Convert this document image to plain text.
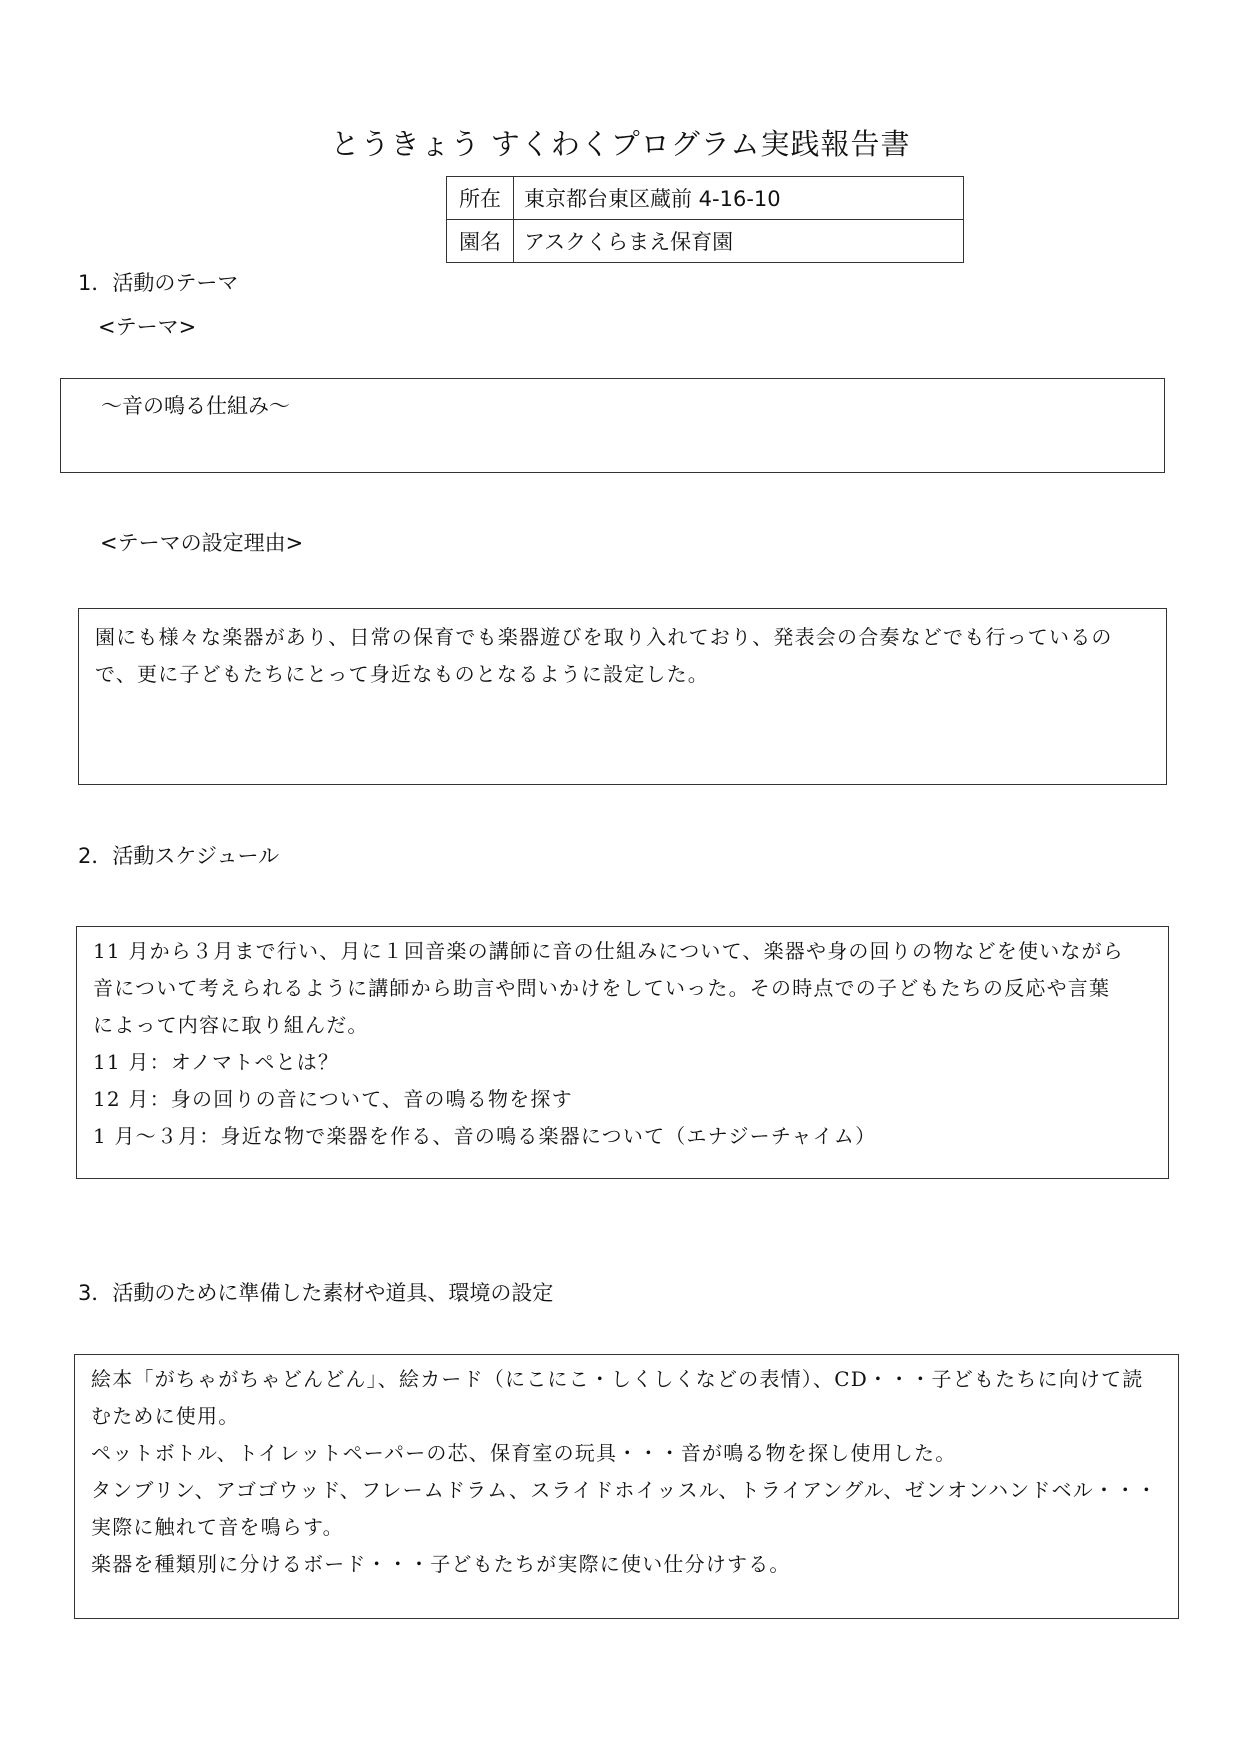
とうきょう すくわくプログラム実践報告書
所在	東京都台東区蔵前 4-16-10
園名	アスクくらまえ保育園
1．活動のテーマ
<テーマ>
～音の鳴る仕組み～
<テーマの設定理由>
園にも様々な楽器があり、日常の保育でも楽器遊びを取り入れており、発表会の合奏などでも行っているの
で、更に子どもたちにとって身近なものとなるように設定した。
2．活動スケジュール
11 月から３月まで行い、月に１回音楽の講師に音の仕組みについて、楽器や身の回りの物などを使いながら
音について考えられるように講師から助言や問いかけをしていった。その時点での子どもたちの反応や言葉
によって内容に取り組んだ。
11 月：オノマトペとは？
12 月：身の回りの音について、音の鳴る物を探す
1 月～３月：身近な物で楽器を作る、音の鳴る楽器について（エナジーチャイム）
3．活動のために準備した素材や道具、環境の設定
絵本「がちゃがちゃどんどん」、絵カード（にこにこ・しくしくなどの表情）、CD・・・子どもたちに向けて読
むために使用。
ペットボトル、トイレットペーパーの芯、保育室の玩具・・・音が鳴る物を探し使用した。
タンブリン、アゴゴウッド、フレームドラム、スライドホイッスル、トライアングル、ゼンオンハンドベル・・・
実際に触れて音を鳴らす。
楽器を種類別に分けるボード・・・子どもたちが実際に使い仕分けする。
